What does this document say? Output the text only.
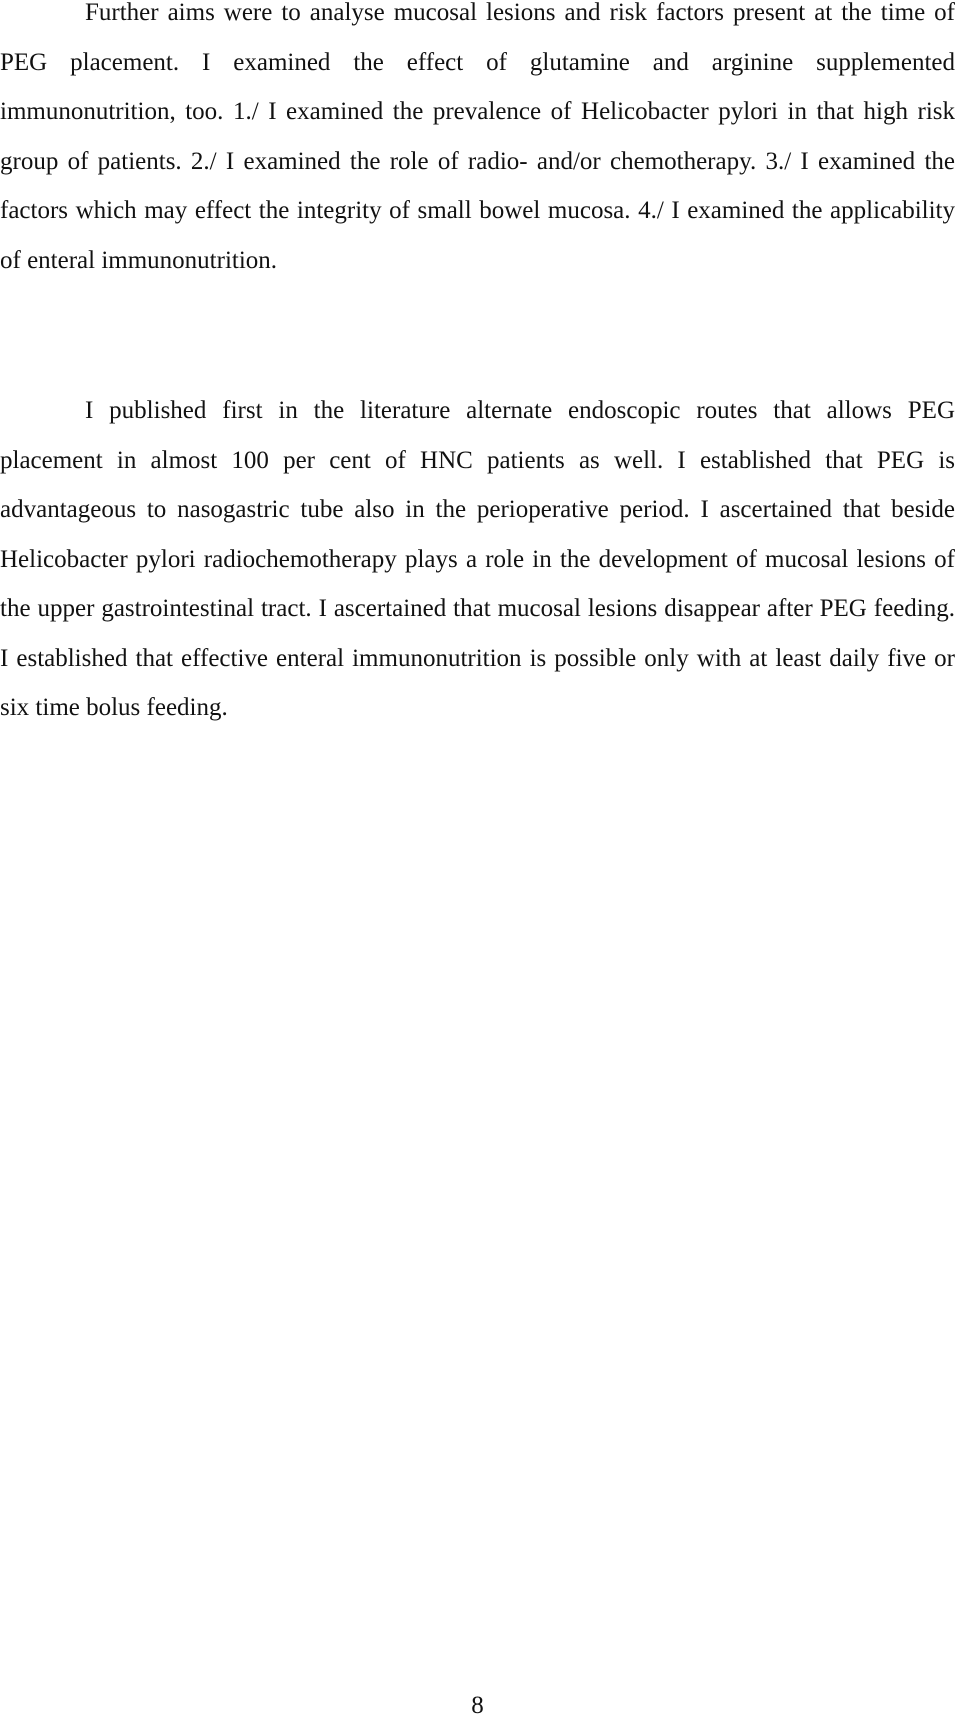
Further aims were to analyse mucosal lesions and risk factors present at the time of PEG placement. I examined the effect of glutamine and arginine supplemented immunonutrition, too. 1./ I examined the prevalence of Helicobacter pylori in that high risk group of patients. 2./ I examined the role of radio- and/or chemotherapy. 3./ I examined the factors which may effect the integrity of small bowel mucosa. 4./ I examined the applicability of enteral immunonutrition.

I published first in the literature alternate endoscopic routes that allows PEG placement in almost 100 per cent of HNC patients as well. I established that PEG is advantageous to nasogastric tube also in the perioperative period. I ascertained that beside Helicobacter pylori radiochemotherapy plays a role in the development of mucosal lesions of the upper gastrointestinal tract. I ascertained that mucosal lesions disappear after PEG feeding. I established that effective enteral immunonutrition is possible only with at least daily five or six time bolus feeding.

8
